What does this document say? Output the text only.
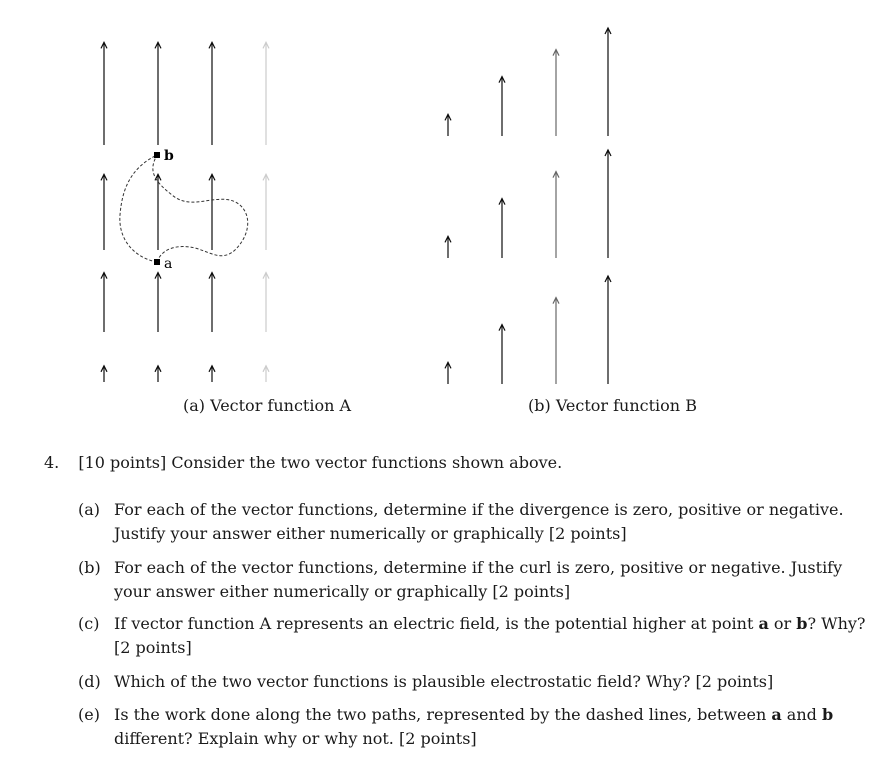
b
a
(a) Vector function A	(b) Vector function B
4. [10 points] Consider the two vector functions shown above.
(a) For each of the vector functions, determine if the divergence is zero, positive or negative. Justify your answer either numerically or graphically [2 points]
(b) For each of the vector functions, determine if the curl is zero, positive or negative. Justify your answer either numerically or graphically [2 points]
(c) If vector function A represents an electric field, is the potential higher at point a or b? Why? [2 points]
(d) Which of the two vector functions is plausible electrostatic field? Why? [2 points]
(e) Is the work done along the two paths, represented by the dashed lines, between a and b different? Explain why or why not. [2 points]
